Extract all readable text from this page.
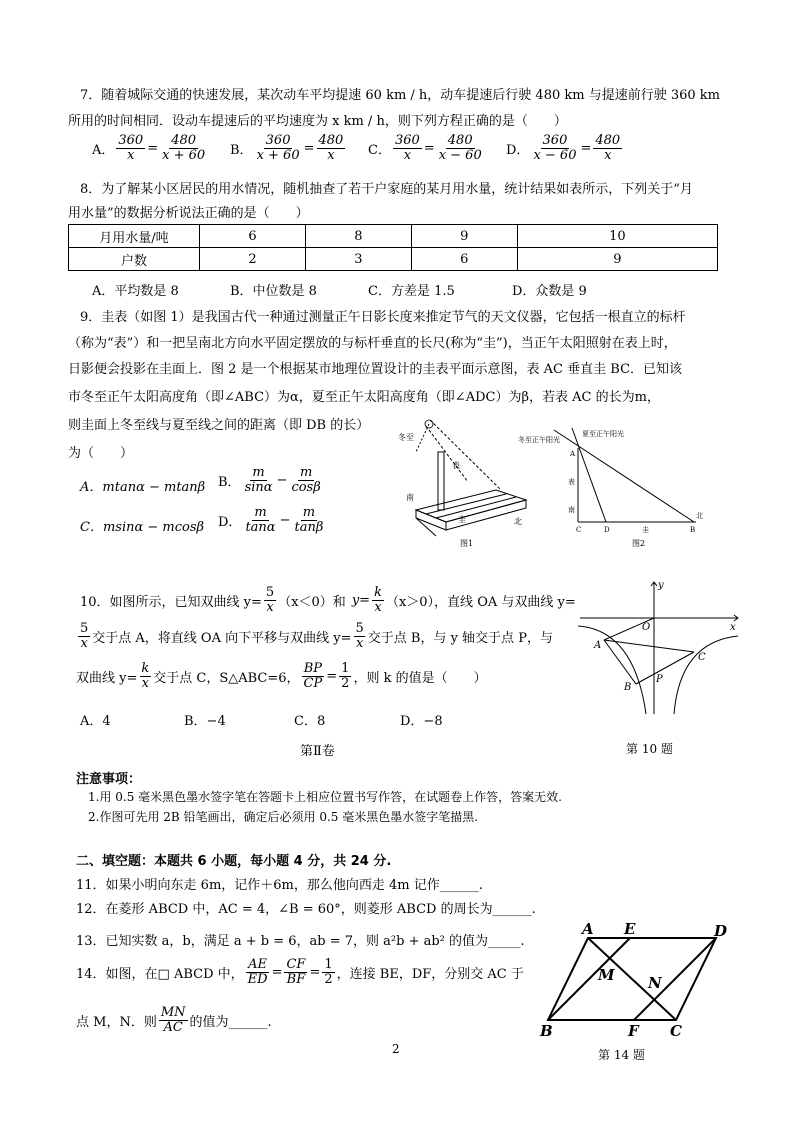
7．随着城际交通的快速发展，某次动车平均提速 60 km / h，动车提速后行驶 480 km 与提速前行驶 360 km
所用的时间相同．设动车提速后的平均速度为 x km / h，则下列方程正确的是（　　）
A． $\frac{360}{x} = \frac{480}{x + 60}$ B． $\frac{360}{x + 60} = \frac{480}{x}$ C． $\frac{360}{x} = \frac{480}{x - 60}$ D． $\frac{360}{x - 60} = \frac{480}{x}$
8．为了解某小区居民的用水情况，随机抽查了若干户家庭的某月用水量，统计结果如表所示，下列关于“月
用水量”的数据分析说法正确的是（　　）
月用水量/吨	6	8	9	10
户数	2	3	6	9
A．平均数是 8	B．中位数是 8	C．方差是 1.5	D．众数是 9
9．圭表（如图 1）是我国古代一种通过测量正午日影长度来推定节气的天文仪器，它包括一根直立的标杆
（称为“表”）和一把呈南北方向水平固定摆放的与标杆垂直的长尺(称为“圭”)，当正午太阳照射在表上时，
日影便会投影在圭面上．图 2 是一个根据某市地理位置设计的圭表平面示意图，表 AC 垂直圭 BC．已知该
市冬至正午太阳高度角（即∠ABC）为α，夏至正午太阳高度角（即∠ADC）为β，若表 AC 的长为m，
则圭面上冬至线与夏至线之间的距离（即 DB 的长）
为（　　）
A．mtanα − mtanβ B． $\frac{m}{\sin\alpha} - \frac{m}{\cos\beta}$
C．msinα − mcosβ D． $\frac{m}{\tan\alpha} - \frac{m}{\tan\beta}$
冬至
表
圭
南
北
图1
冬至正午阳光
夏至正午阳光
A
表
南
C	D	圭	B
北
图2
10．如图所示，已知双曲线 $y= \frac{5}{x} (x<0)$和 $y= \frac{k}{x} (x>0)$，直线 OA 与双曲线 y=
$\frac{5}{x}$ 交于点 A，将直线 OA 向下平移与双曲线 $y= \frac{5}{x}$ 交于点 B，与 y 轴交于点 P，与
双曲线 $y= \frac{k}{x}$ 交于点 C，S△ABC=6， $\frac{BP}{CP} = \frac{1}{2}$ ，则 k 的值是（　　）
A．4	B．−4	C．8	D．−8
y
x
O
A
C
B
P
第Ⅱ卷	第 10 题
注意事项：
1.用 0.5 毫米黑色墨水签字笔在答题卡上相应位置书写作答，在试题卷上作答，答案无效.
2.作图可先用 2B 铅笔画出，确定后必须用 0.5 毫米黑色墨水签字笔描黑.
二、填空题：本题共 6 小题，每小题 4 分，共 24 分.
11．如果小明向东走 6m，记作＋6m，那么他向西走 4m 记作______.
12．在菱形 ABCD 中，AC = 4，∠B = 60°，则菱形 ABCD 的周长为______.
13．已知实数 a，b，满足 a + b = 6，ab = 7，则 a²b + ab² 的值为_____.
14．如图，在□ ABCD 中， $\frac{AE}{ED} = \frac{CF}{BF} = \frac{1}{2}$ ，连接 BE，DF，分别交 AC 于
点 M，N．则 $\frac{MN}{AC}$ 的值为______.
A E	D
M N
B	F C
第 14 题
2
